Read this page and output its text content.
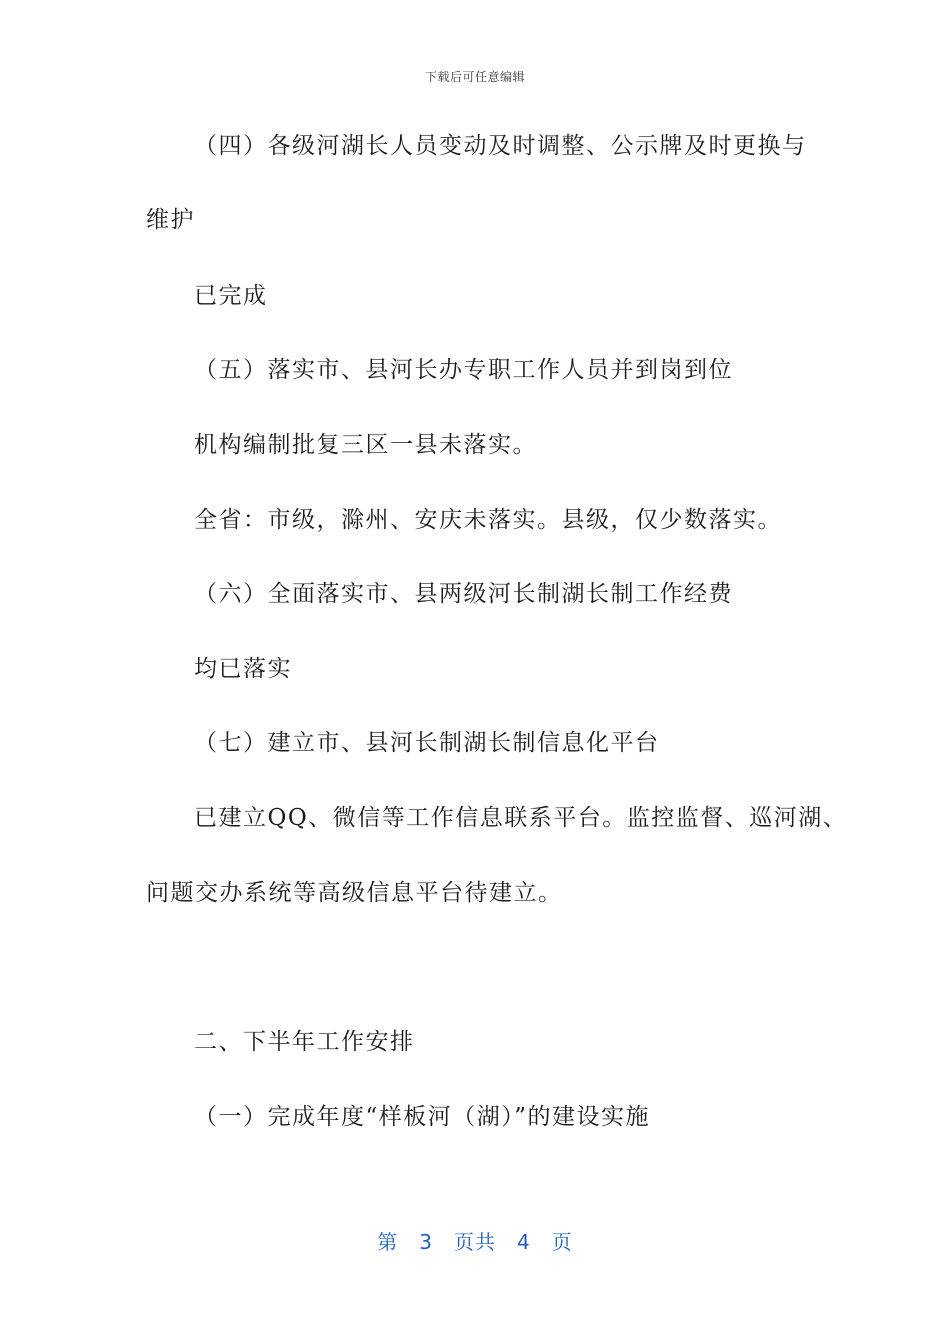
下载后可任意编辑
（四）各级河湖长人员变动及时调整、公示牌及时更换与
维护
已完成
（五）落实市、县河长办专职工作人员并到岗到位
机构编制批复三区一县未落实。
全省：市级，滁州、安庆未落实。县级，仅少数落实。
（六）全面落实市、县两级河长制湖长制工作经费
均已落实
（七）建立市、县河长制湖长制信息化平台
已建立QQ、微信等工作信息联系平台。监控监督、巡河湖、
问题交办系统等高级信息平台待建立。
二、下半年工作安排
（一）完成年度“样板河（湖）”的建设实施
第　3　页共　4　页
